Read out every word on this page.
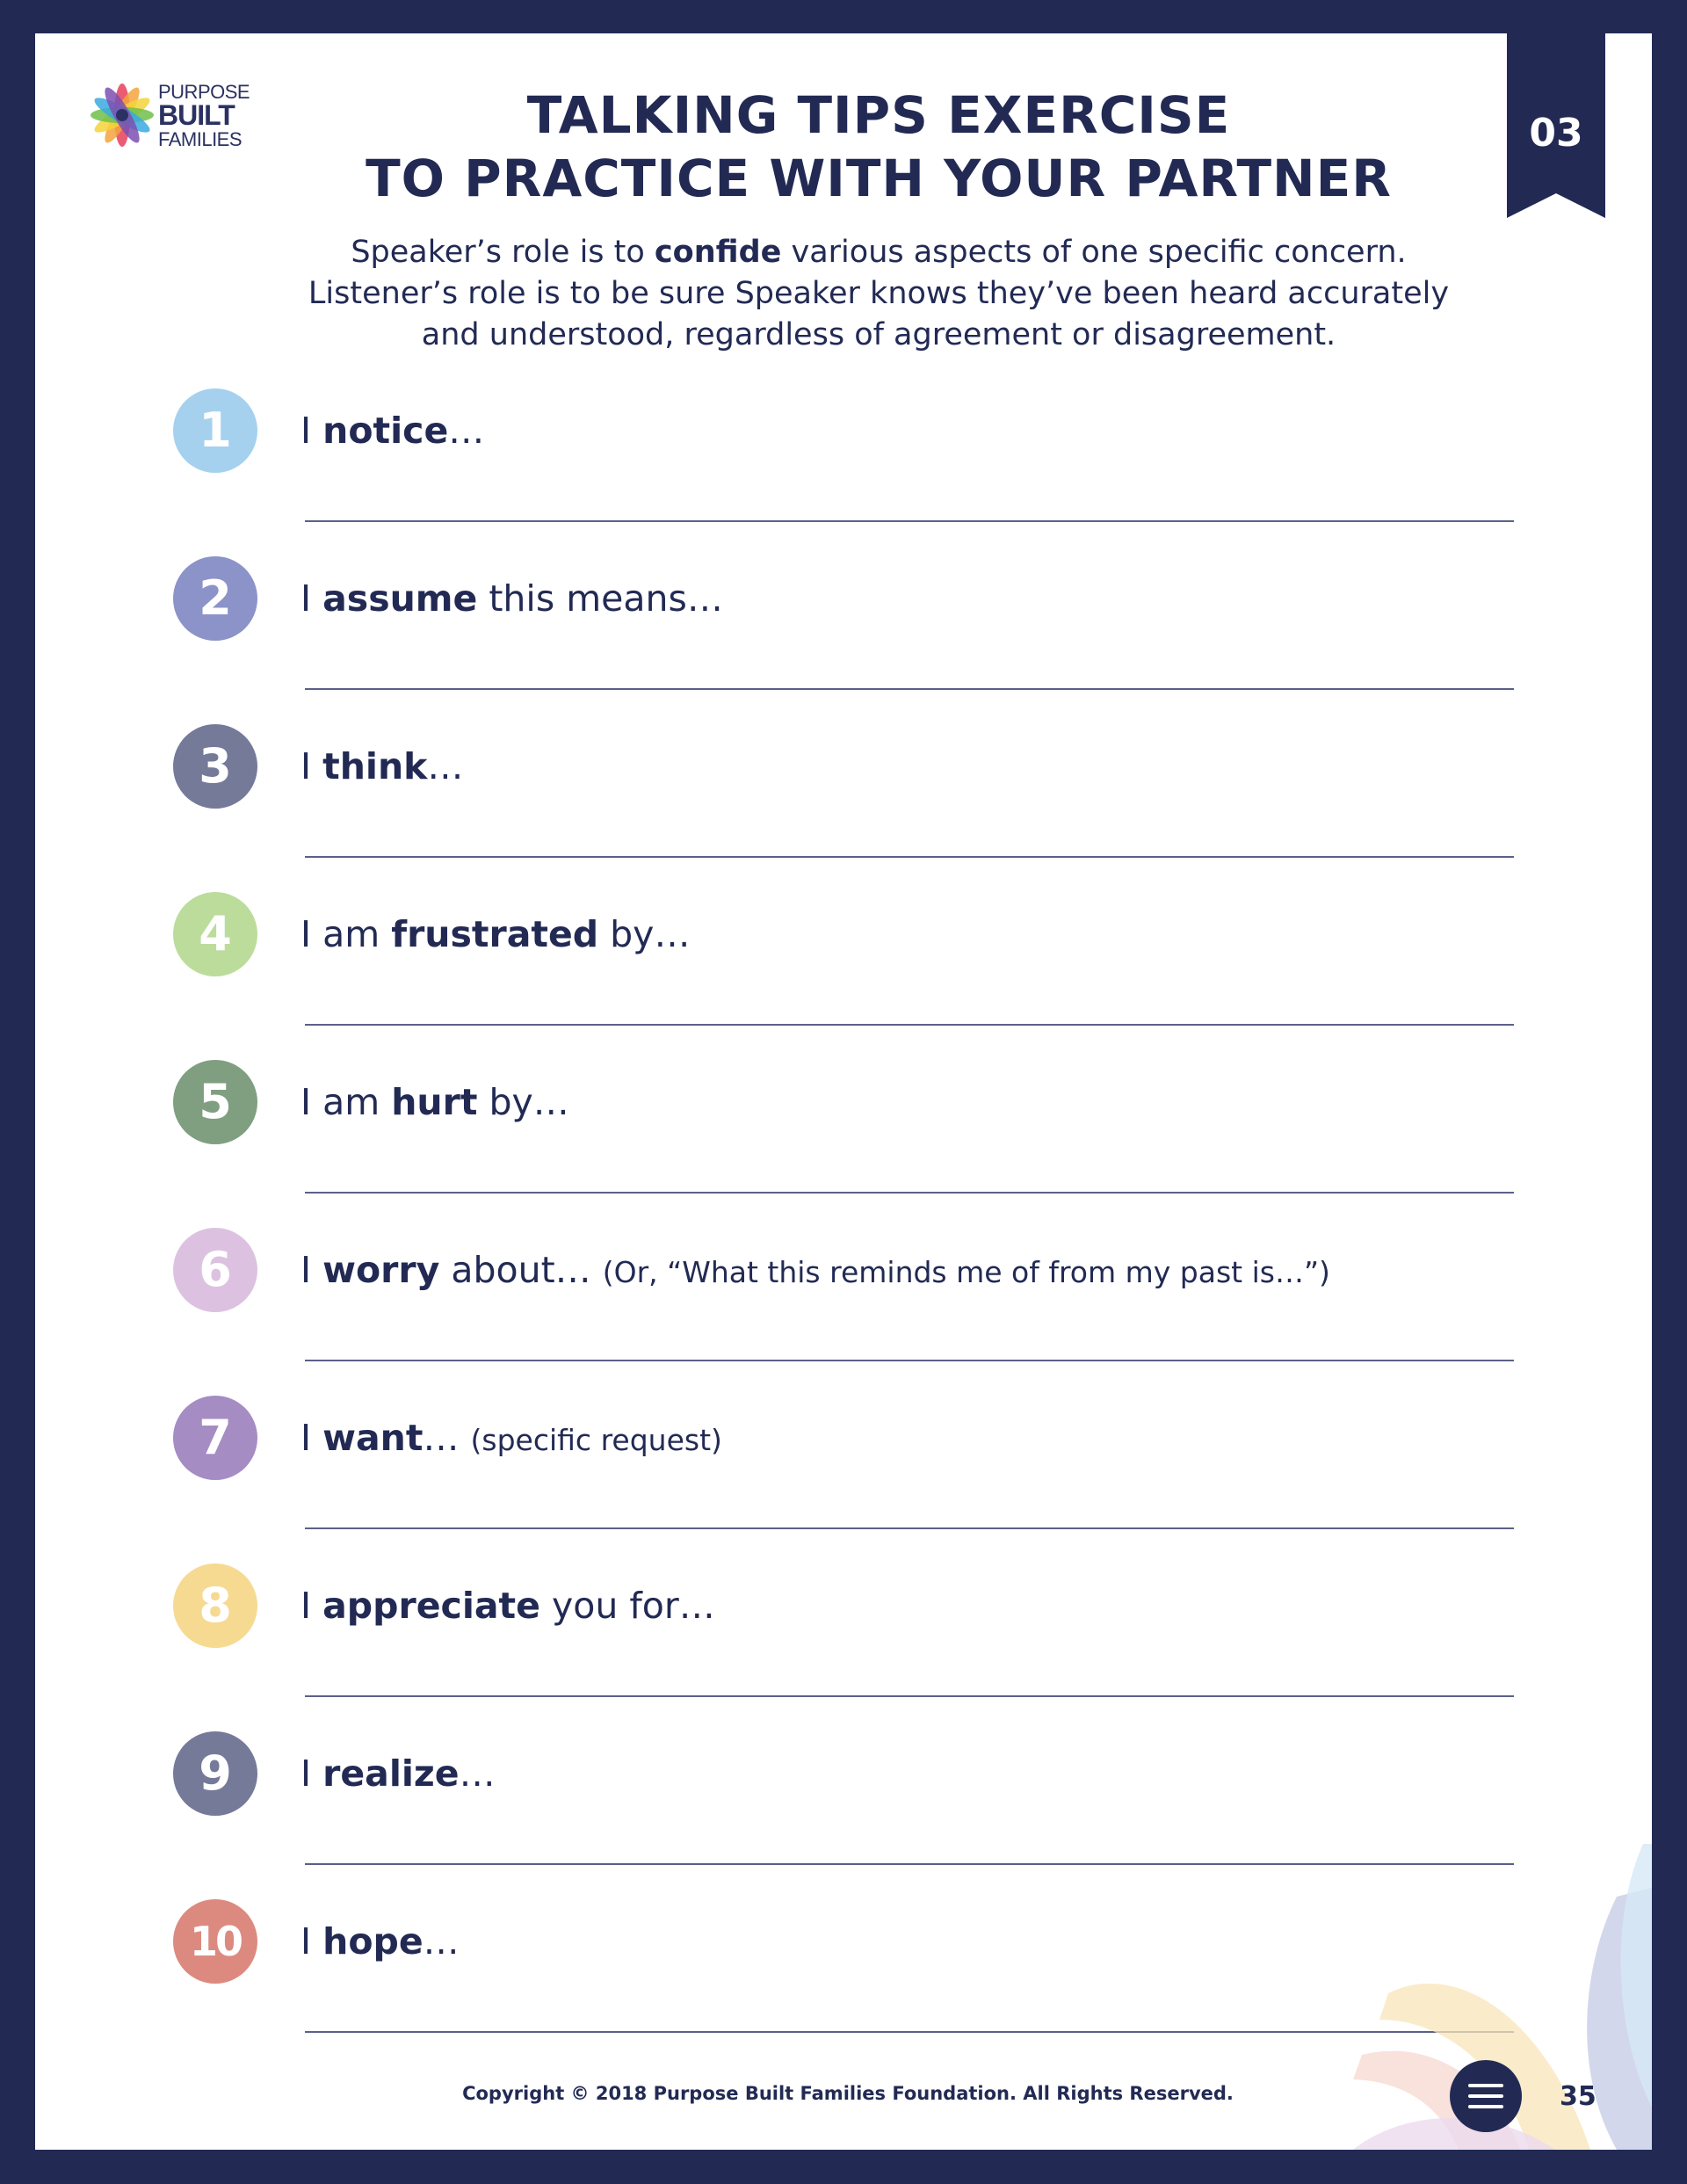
PURPOSE
BUILT
FAMILIES	03
TALKING TIPS EXERCISE
TO PRACTICE WITH YOUR PARTNER
Speaker’s role is to confide various aspects of one specific concern.
Listener’s role is to be sure Speaker knows they’ve been heard accurately
and understood, regardless of agreement or disagreement.
1	I notice…
2	I assume this means…
3	I think…
4	I am frustrated by…
5	I am hurt by…
6	I worry about… (Or, “What this reminds me of from my past is…”)
7	I want… (specific request)
8	I appreciate you for…
9	I realize…
10	I hope…
Copyright © 2018 Purpose Built Families Foundation. All Rights Reserved.	35
